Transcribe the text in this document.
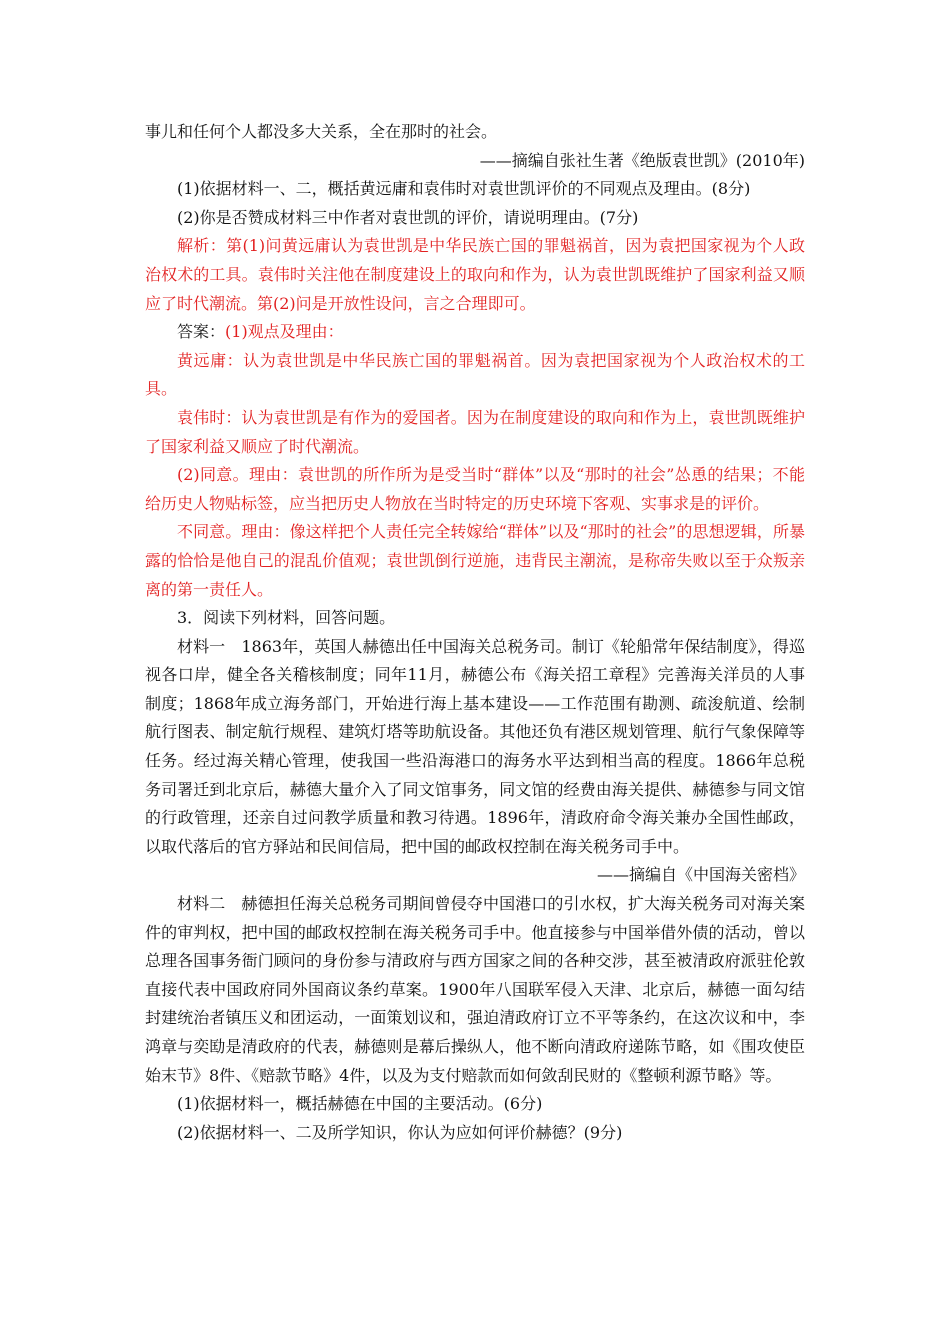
事儿和任何个人都没多大关系，全在那时的社会。

——摘编自张社生著《绝版袁世凯》(2010年)

(1)依据材料一、二，概括黄远庸和袁伟时对袁世凯评价的不同观点及理由。(8分)

(2)你是否赞成材料三中作者对袁世凯的评价，请说明理由。(7分)

解析：第(1)问黄远庸认为袁世凯是中华民族亡国的罪魁祸首，因为袁把国家视为个人政治权术的工具。袁伟时关注他在制度建设上的取向和作为，认为袁世凯既维护了国家利益又顺应了时代潮流。第(2)问是开放性设问，言之合理即可。

答案：(1)观点及理由：

黄远庸：认为袁世凯是中华民族亡国的罪魁祸首。因为袁把国家视为个人政治权术的工具。

袁伟时：认为袁世凯是有作为的爱国者。因为在制度建设的取向和作为上，袁世凯既维护了国家利益又顺应了时代潮流。

(2)同意。理由：袁世凯的所作所为是受当时“群体”以及“那时的社会”怂恿的结果；不能给历史人物贴标签，应当把历史人物放在当时特定的历史环境下客观、实事求是的评价。

不同意。理由：像这样把个人责任完全转嫁给“群体”以及“那时的社会”的思想逻辑，所暴露的恰恰是他自己的混乱价值观；袁世凯倒行逆施，违背民主潮流，是称帝失败以至于众叛亲离的第一责任人。

3．阅读下列材料，回答问题。

材料一　1863年，英国人赫德出任中国海关总税务司。制订《轮船常年保结制度》，得巡视各口岸，健全各关稽核制度；同年11月，赫德公布《海关招工章程》完善海关洋员的人事制度；1868年成立海务部门，开始进行海上基本建设——工作范围有勘测、疏浚航道、绘制航行图表、制定航行规程、建筑灯塔等助航设备。其他还负有港区规划管理、航行气象保障等任务。经过海关精心管理，使我国一些沿海港口的海务水平达到相当高的程度。1866年总税务司署迁到北京后，赫德大量介入了同文馆事务，同文馆的经费由海关提供、赫德参与同文馆的行政管理，还亲自过问教学质量和教习待遇。1896年，清政府命令海关兼办全国性邮政，以取代落后的官方驿站和民间信局，把中国的邮政权控制在海关税务司手中。

——摘编自《中国海关密档》

材料二　赫德担任海关总税务司期间曾侵夺中国港口的引水权，扩大海关税务司对海关案件的审判权，把中国的邮政权控制在海关税务司手中。他直接参与中国举借外债的活动，曾以总理各国事务衙门顾问的身份参与清政府与西方国家之间的各种交涉，甚至被清政府派驻伦敦直接代表中国政府同外国商议条约草案。1900年八国联军侵入天津、北京后，赫德一面勾结封建统治者镇压义和团运动，一面策划议和，强迫清政府订立不平等条约，在这次议和中，李鸿章与奕劻是清政府的代表，赫德则是幕后操纵人，他不断向清政府递陈节略，如《围攻使臣始末节》8件、《赔款节略》4件，以及为支付赔款而如何敛刮民财的《整顿利源节略》等。

(1)依据材料一，概括赫德在中国的主要活动。(6分)

(2)依据材料一、二及所学知识，你认为应如何评价赫德？(9分)
